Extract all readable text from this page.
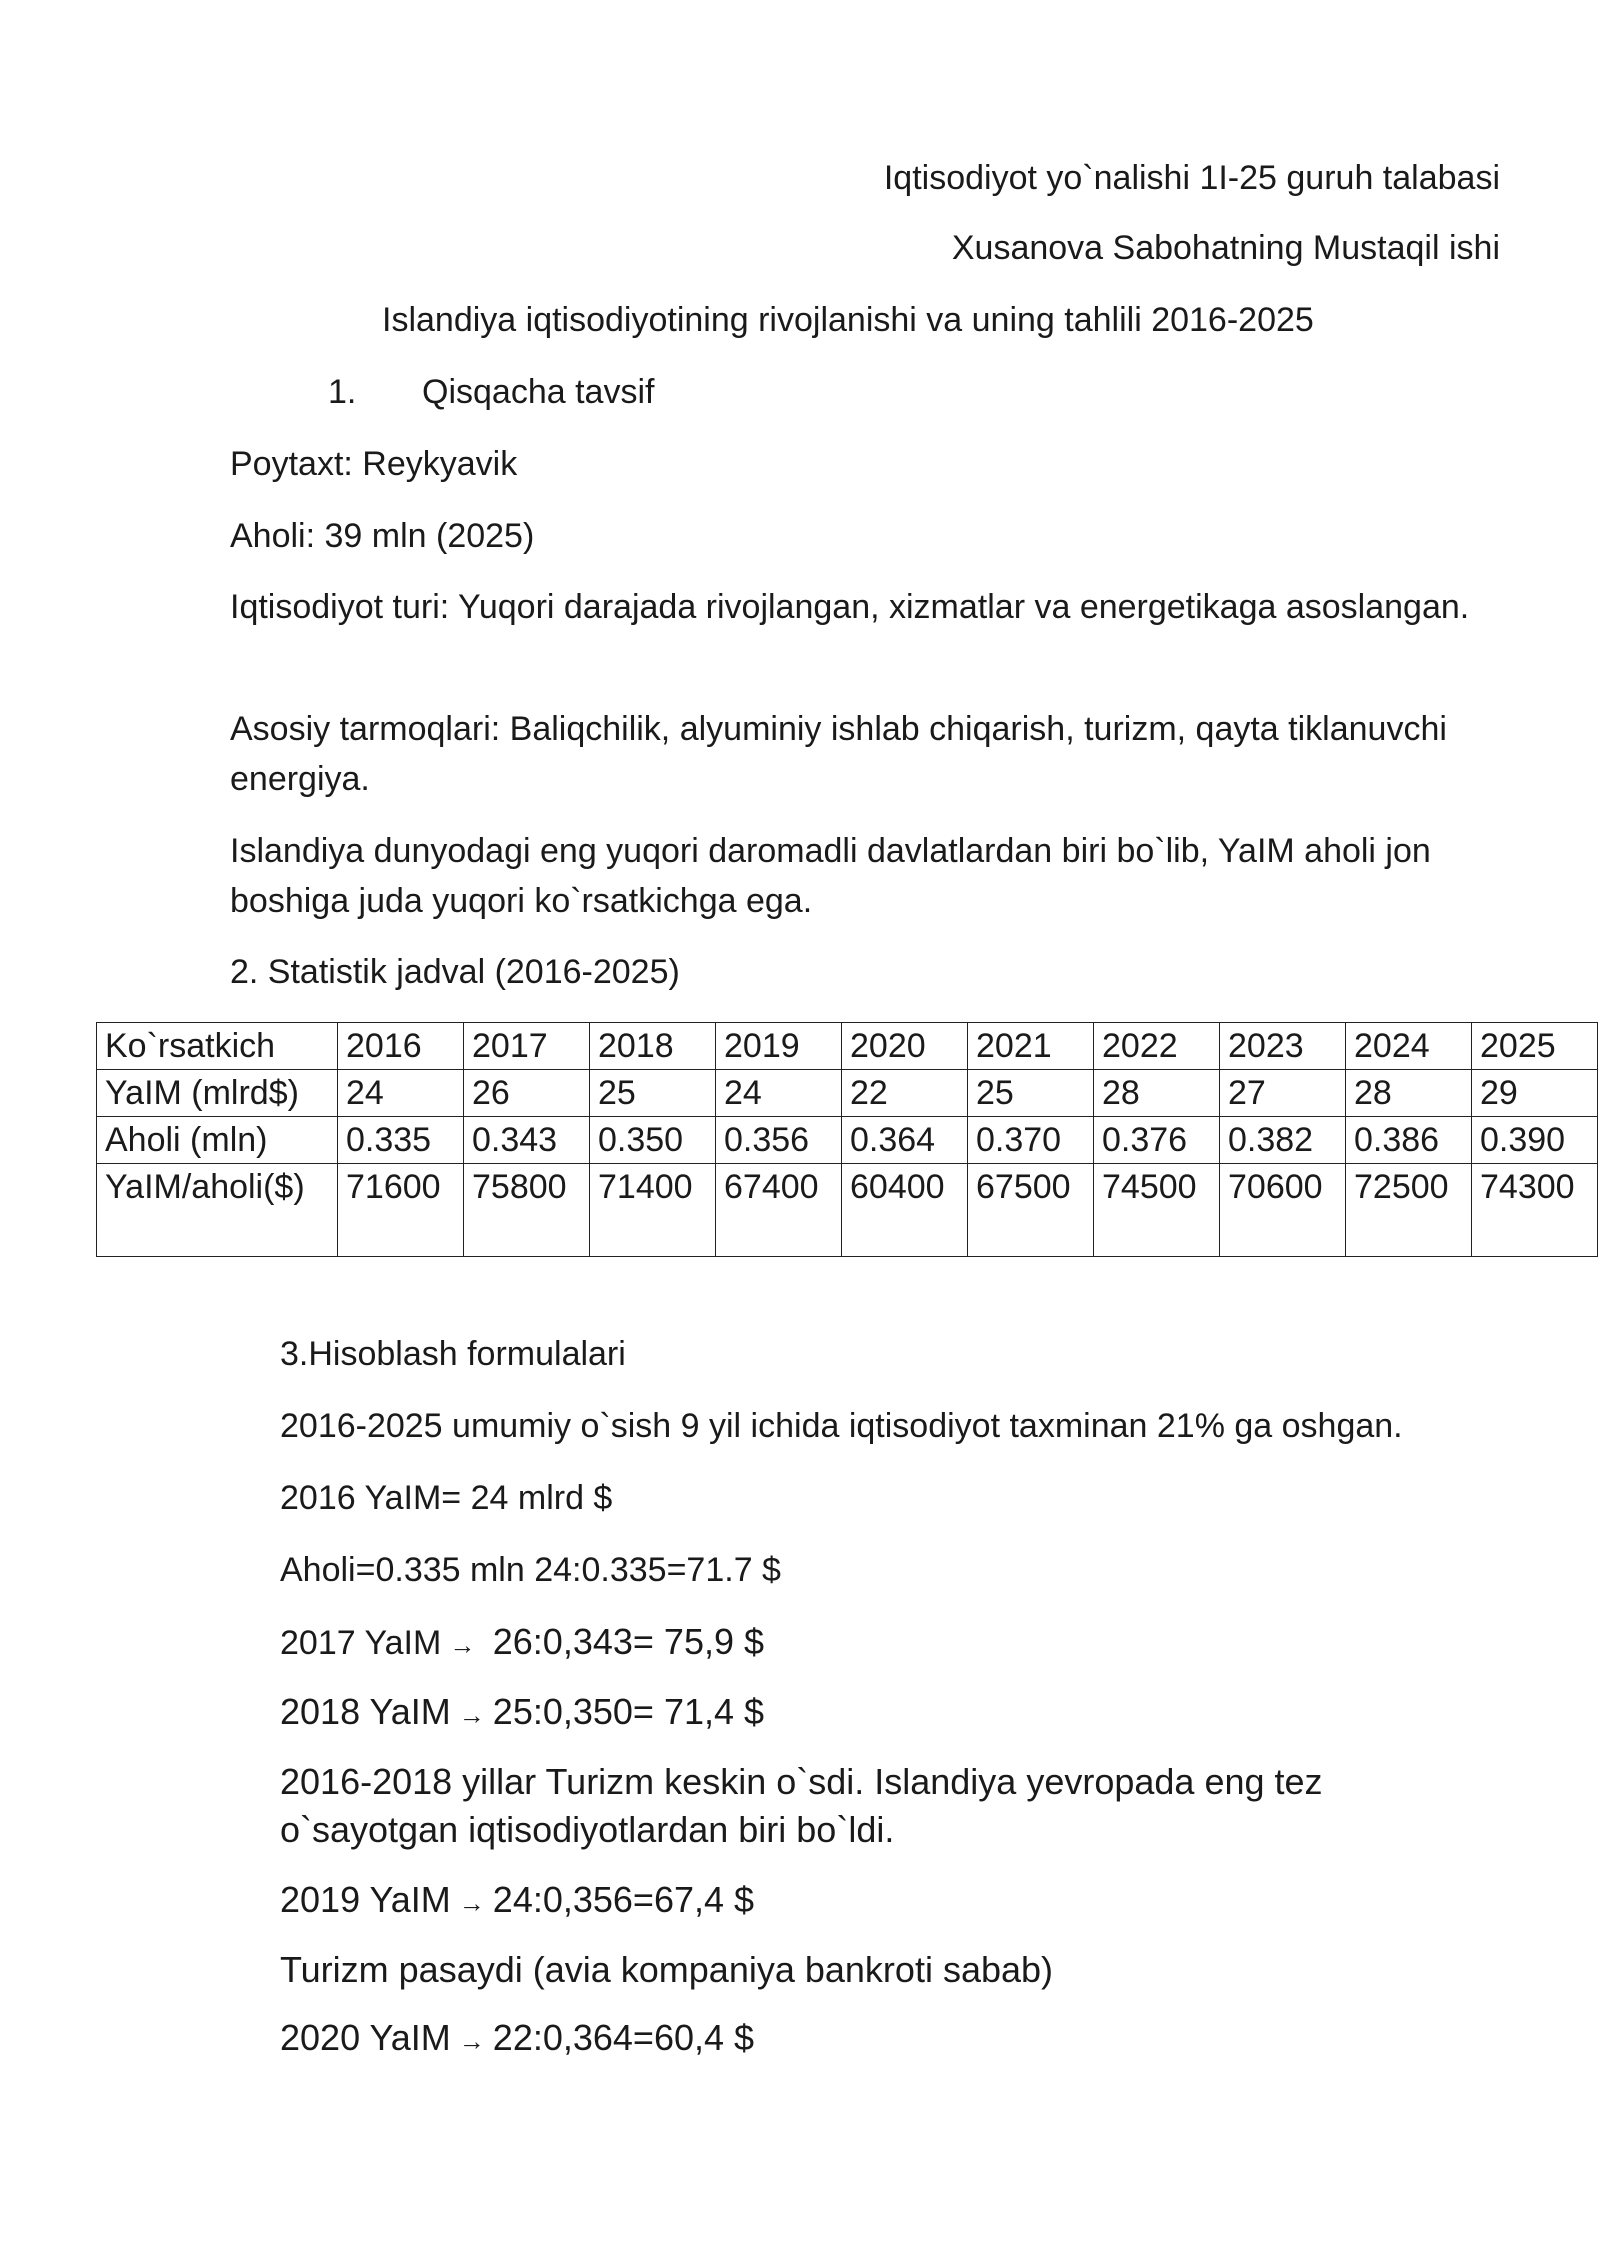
Iqtisodiyot yo`nalishi 1I-25 guruh talabasi
Xusanova Sabohatning Mustaqil ishi
Islandiya iqtisodiyotining rivojlanishi va uning tahlili 2016-2025
1. Qisqacha tavsif
Poytaxt: Reykyavik
Aholi: 39 mln (2025)
Iqtisodiyot turi: Yuqori darajada rivojlangan, xizmatlar va energetikaga asoslangan.
Asosiy tarmoqlari: Baliqchilik, alyuminiy ishlab chiqarish, turizm, qayta tiklanuvchi energiya.
Islandiya dunyodagi eng yuqori daromadli davlatlardan biri bo`lib, YaIM aholi jon boshiga juda yuqori ko`rsatkichga ega.
2. Statistik jadval (2016-2025)
Ko`rsatkich	2016	2017	2018	2019	2020	2021	2022	2023	2024	2025
YaIM (mlrd$)	24	26	25	24	22	25	28	27	28	29
Aholi (mln)	0.335	0.343	0.350	0.356	0.364	0.370	0.376	0.382	0.386	0.390
YaIM/aholi($)	71600	75800	71400	67400	60400	67500	74500	70600	72500	74300
3.Hisoblash formulalari
2016-2025 umumiy o`sish 9 yil ichida iqtisodiyot taxminan 21% ga oshgan.
2016 YaIM= 24 mlrd $
Aholi=0.335 mln 24:0.335=71.7 $
2017 YaIM → 26:0,343= 75,9 $
2018 YaIM → 25:0,350= 71,4 $
2016-2018 yillar Turizm keskin o`sdi. Islandiya yevropada eng tez o`sayotgan iqtisodiyotlardan biri bo`ldi.
2019 YaIM → 24:0,356=67,4 $
Turizm pasaydi (avia kompaniya bankroti sabab)
2020 YaIM → 22:0,364=60,4 $
